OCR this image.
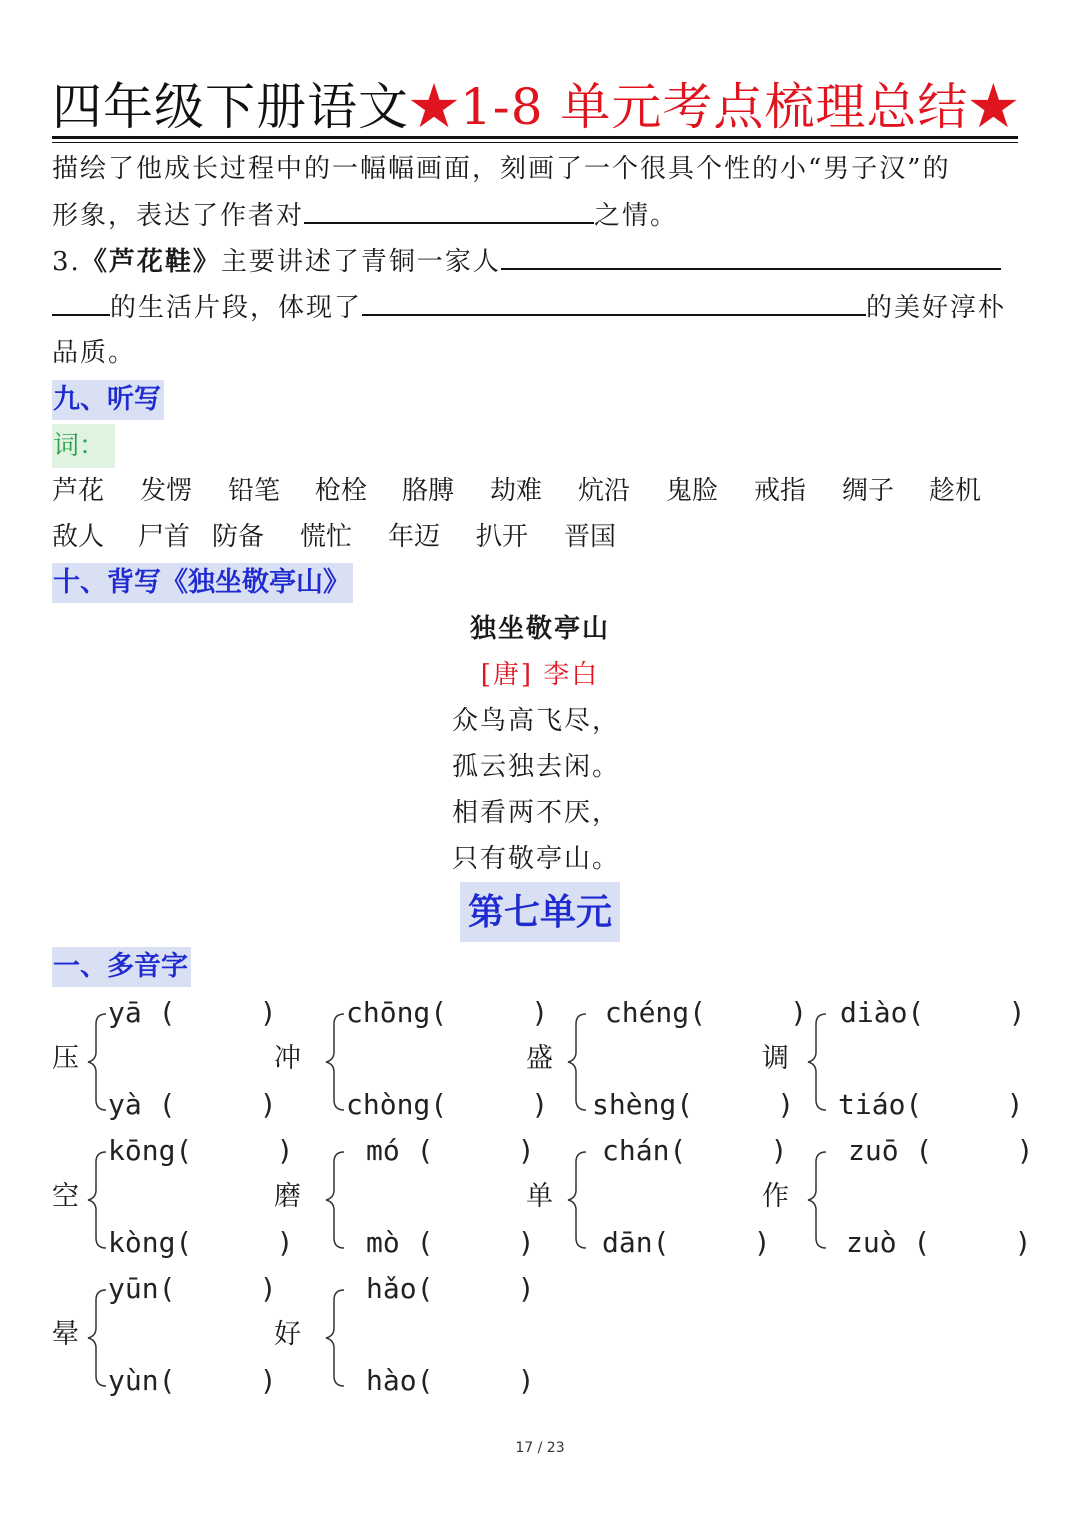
四年级下册语文★1-8 单元考点梳理总结★
描绘了他成长过程中的一幅幅画面，刻画了一个很具个性的小“男子汉”的
形象，表达了作者对	之情。
3.《芦花鞋》主要讲述了青铜一家人
的生活片段，体现了	的美好淳朴
品质。
九、听写
词：
芦花 发愣 铅笔 枪栓 胳膊 劫难 炕沿 鬼脸 戒指 绸子 趁机
敌人 尸首 防备 慌忙 年迈 扒开 晋国
十、背写《独坐敬亭山》
独坐敬亭山
[唐] 李白
众鸟高飞尽，
孤云独去闲。
相看两不厌，
只有敬亭山。
第七单元
一、多音字
压
yā (     )
yà (     )
冲
chōng(     )
chòng(     )
盛
chéng(     )
shèng(     )
调
diào(     )
tiáo(     )
空
kōng(     )
kòng(     )
磨
mó (     )
mò (     )
单
chán(     )
dān(     )
作
zuō (     )
zuò (     )
晕
yūn(     )
yùn(     )
好
hǎo(     )
hào(     )
17 / 23
